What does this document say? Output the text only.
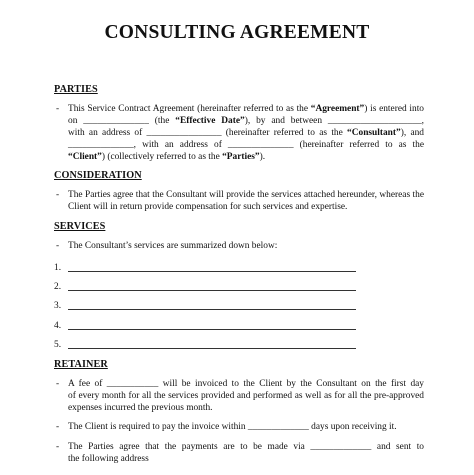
CONSULTING AGREEMENT
PARTIES
- This Service Contract Agreement (hereinafter referred to as the “Agreement”) is entered into
on ______________ (the “Effective Date”), by and between ____________________,
with an address of ________________ (hereinafter referred to as the “Consultant”), and
______________, with an address of ______________ (hereinafter referred to as the
“Client”) (collectively referred to as the “Parties”).
CONSIDERATION
- The Parties agree that the Consultant will provide the services attached hereunder, whereas the
Client will in return provide compensation for such services and expertise.
SERVICES
- The Consultant’s services are summarized down below:
1.
2.
3.
4.
5.
RETAINER
- A fee of ___________ will be invoiced to the Client by the Consultant on the first day
of every month for all the services provided and performed as well as for all the pre-approved
expenses incurred the previous month.
- The Client is required to pay the invoice within _____________ days upon receiving it.
- The Parties agree that the payments are to be made via _____________ and sent to
the following address
